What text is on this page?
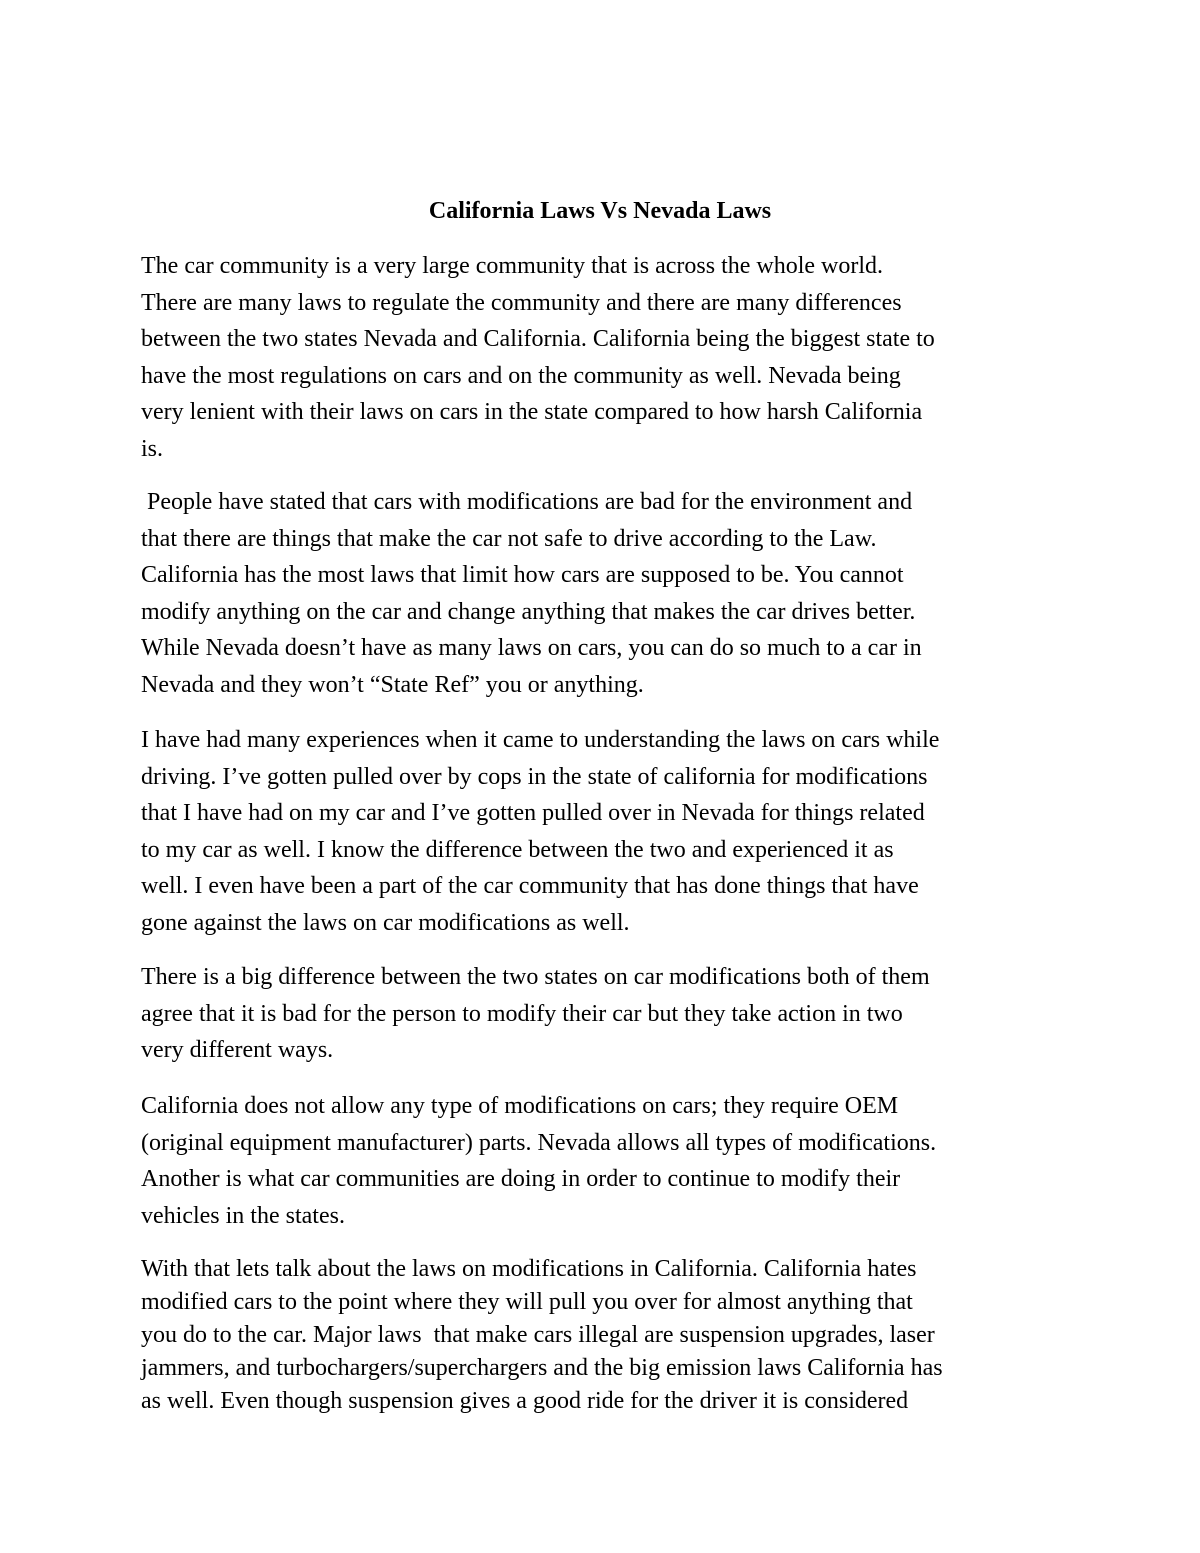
California Laws Vs Nevada Laws
The car community is a very large community that is across the whole world.
There are many laws to regulate the community and there are many differences
between the two states Nevada and California. California being the biggest state to
have the most regulations on cars and on the community as well. Nevada being
very lenient with their laws on cars in the state compared to how harsh California
is.
People have stated that cars with modifications are bad for the environment and
that there are things that make the car not safe to drive according to the Law.
California has the most laws that limit how cars are supposed to be. You cannot
modify anything on the car and change anything that makes the car drives better.
While Nevada doesn’t have as many laws on cars, you can do so much to a car in
Nevada and they won’t “State Ref” you or anything.
I have had many experiences when it came to understanding the laws on cars while
driving. I’ve gotten pulled over by cops in the state of california for modifications
that I have had on my car and I’ve gotten pulled over in Nevada for things related
to my car as well. I know the difference between the two and experienced it as
well. I even have been a part of the car community that has done things that have
gone against the laws on car modifications as well.
There is a big difference between the two states on car modifications both of them
agree that it is bad for the person to modify their car but they take action in two
very different ways.
California does not allow any type of modifications on cars; they require OEM
(original equipment manufacturer) parts. Nevada allows all types of modifications.
Another is what car communities are doing in order to continue to modify their
vehicles in the states.
With that lets talk about the laws on modifications in California. California hates
modified cars to the point where they will pull you over for almost anything that
you do to the car. Major laws  that make cars illegal are suspension upgrades, laser
jammers, and turbochargers/superchargers and the big emission laws California has
as well. Even though suspension gives a good ride for the driver it is considered
